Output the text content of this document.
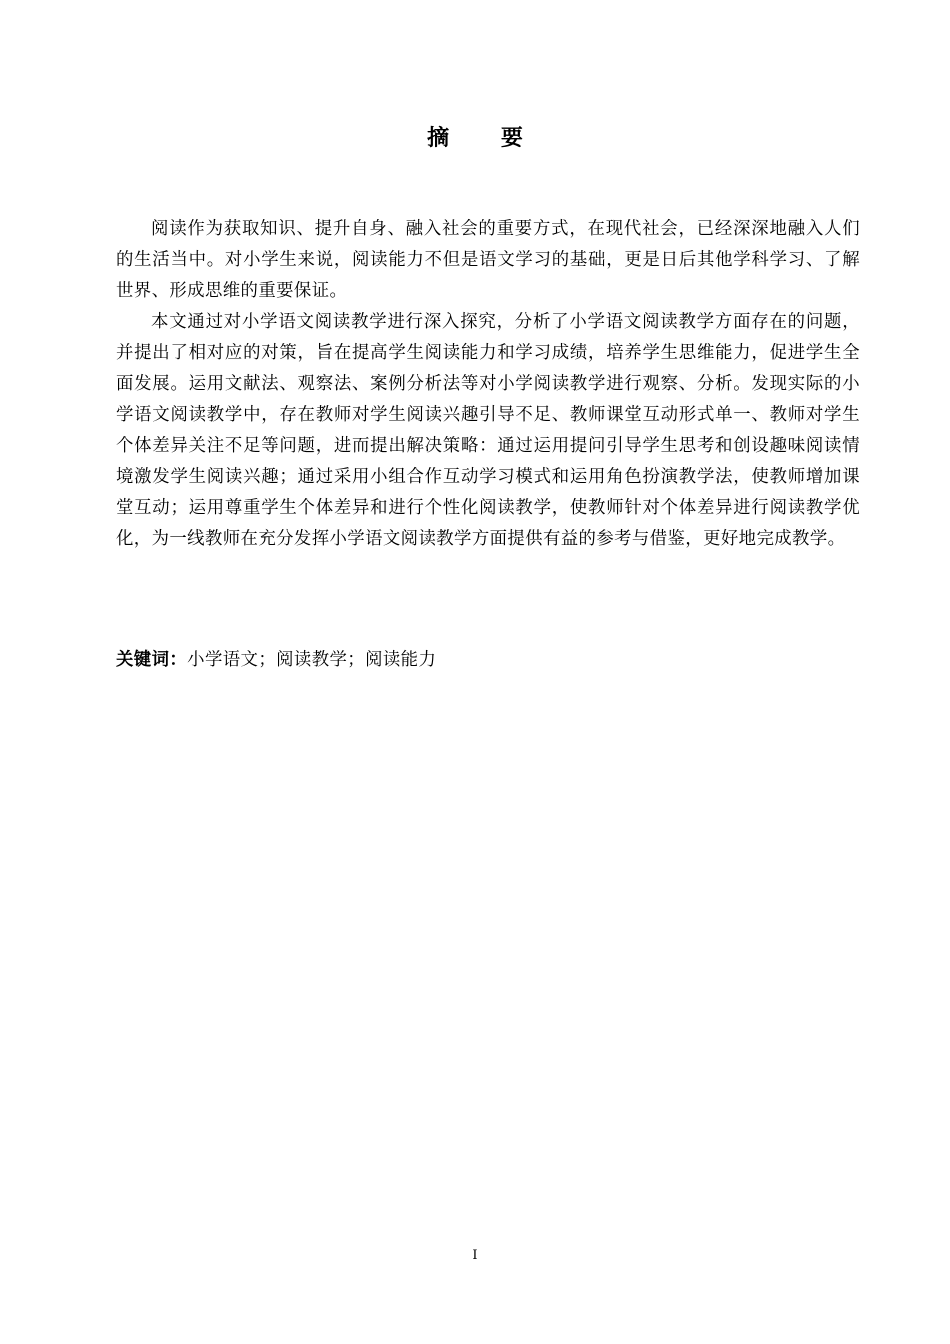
摘 要

阅读作为获取知识、提升自身、融入社会的重要方式，在现代社会，已经深深地融入人们的生活当中。对小学生来说，阅读能力不但是语文学习的基础，更是日后其他学科学习、了解世界、形成思维的重要保证。

本文通过对小学语文阅读教学进行深入探究，分析了小学语文阅读教学方面存在的问题，并提出了相对应的对策，旨在提高学生阅读能力和学习成绩，培养学生思维能力，促进学生全面发展。运用文献法、观察法、案例分析法等对小学阅读教学进行观察、分析。发现实际的小学语文阅读教学中，存在教师对学生阅读兴趣引导不足、教师课堂互动形式单一、教师对学生个体差异关注不足等问题，进而提出解决策略：通过运用提问引导学生思考和创设趣味阅读情境激发学生阅读兴趣；通过采用小组合作互动学习模式和运用角色扮演教学法，使教师增加课堂互动；运用尊重学生个体差异和进行个性化阅读教学，使教师针对个体差异进行阅读教学优化，为一线教师在充分发挥小学语文阅读教学方面提供有益的参考与借鉴，更好地完成教学。

关键词：小学语文；阅读教学；阅读能力
I
